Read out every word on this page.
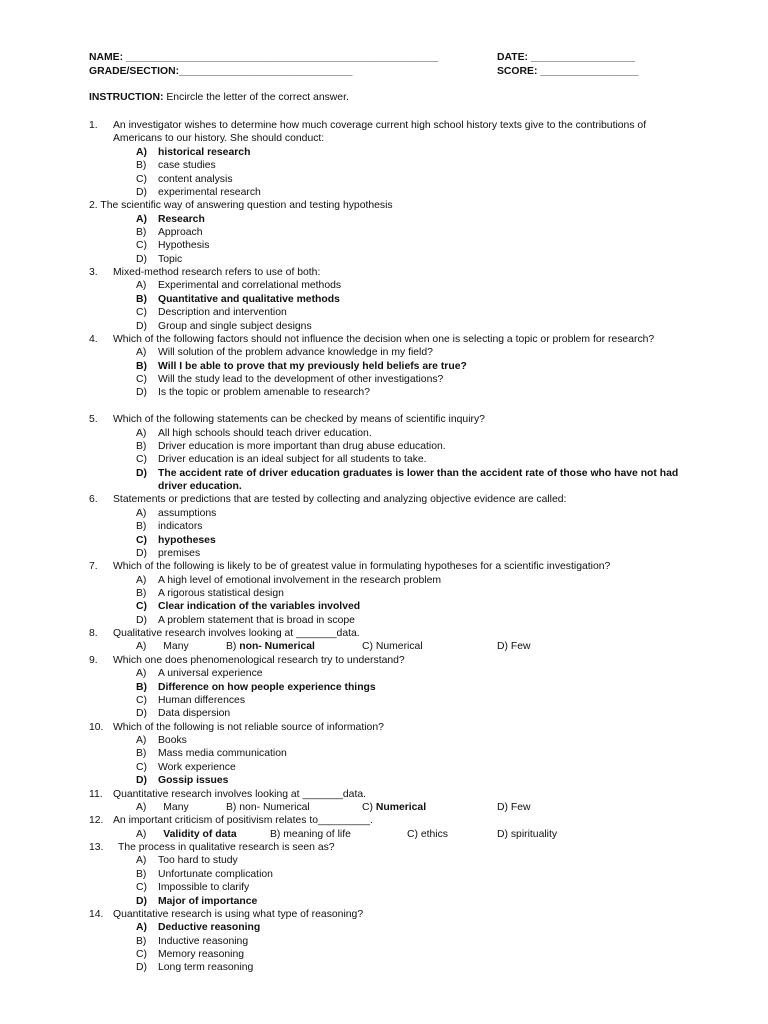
NAME: ______________________________________________________	DATE: __________________
GRADE/SECTION:______________________________	SCORE: _________________
INSTRUCTION: Encircle the letter of the correct answer.
1. An investigator wishes to determine how much coverage current high school history texts give to the contributions of
Americans to our history. She should conduct:
A) historical research
B) case studies
C) content analysis
D) experimental research
2. The scientific way of answering question and testing hypothesis
A) Research
B) Approach
C) Hypothesis
D) Topic
3. Mixed-method research refers to use of both:
A) Experimental and correlational methods
B) Quantitative and qualitative methods
C) Description and intervention
D) Group and single subject designs
4. Which of the following factors should not influence the decision when one is selecting a topic or problem for research?
A) Will solution of the problem advance knowledge in my field?
B) Will I be able to prove that my previously held beliefs are true?
C) Will the study lead to the development of other investigations?
D) Is the topic or problem amenable to research?
5. Which of the following statements can be checked by means of scientific inquiry?
A) All high schools should teach driver education.
B) Driver education is more important than drug abuse education.
C) Driver education is an ideal subject for all students to take.
D) The accident rate of driver education graduates is lower than the accident rate of those who have not had
driver education.
6. Statements or predictions that are tested by collecting and analyzing objective evidence are called:
A) assumptions
B) indicators
C) hypotheses
D) premises
7. Which of the following is likely to be of greatest value in formulating hypotheses for a scientific investigation?
A) A high level of emotional involvement in the research problem
B) A rigorous statistical design
C) Clear indication of the variables involved
D) A problem statement that is broad in scope
8. Qualitative research involves looking at _______data.
A) Many	B) non- Numerical	C) Numerical	D) Few
9. Which one does phenomenological research try to understand?
A) A universal experience
B) Difference on how people experience things
C) Human differences
D) Data dispersion
10. Which of the following is not reliable source of information?
A) Books
B) Mass media communication
C) Work experience
D) Gossip issues
11. Quantitative research involves looking at _______data.
A) Many	B) non- Numerical	C) Numerical	D) Few
12. An important criticism of positivism relates to_________.
A) Validity of data	B) meaning of life	C) ethics	D) spirituality
13. The process in qualitative research is seen as?
A) Too hard to study
B) Unfortunate complication
C) Impossible to clarify
D) Major of importance
14. Quantitative research is using what type of reasoning?
A) Deductive reasoning
B) Inductive reasoning
C) Memory reasoning
D) Long term reasoning
